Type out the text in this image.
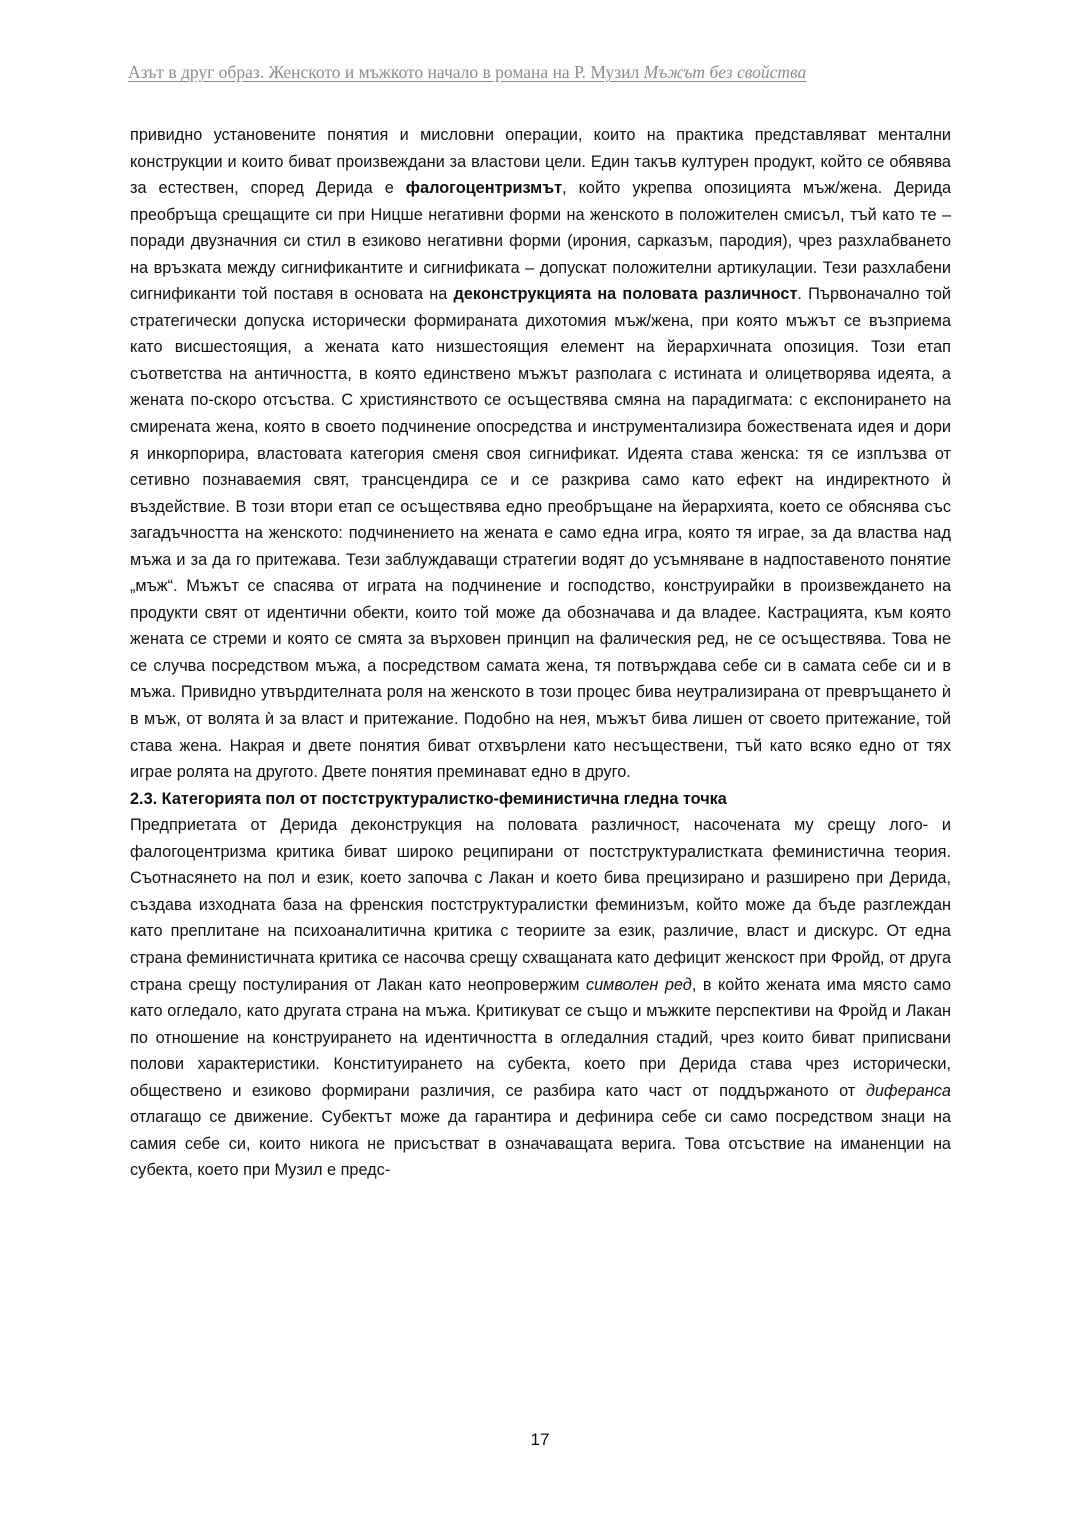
Азът в друг образ. Женското и мъжкото начало в романа на Р. Музил Мъжът без свойства

привидно установените понятия и мисловни операции, които на практика представляват ментални конструкции и които биват произвеждани за властови цели. Един такъв културен продукт, който се обявява за естествен, според Дерида е фалогоцентризмът, който укрепва опозицията мъж/жена. Дерида преобръща срещащите си при Ницше негативни форми на женското в положителен смисъл, тъй като те – поради двузначния си стил в езиково негативни форми (ирония, сарказъм, пародия), чрез разхлабването на връзката между сигнификантите и сигнификата – допускат положителни артикулации. Тези разхлабени сигнификанти той поставя в основата на деконструкцията на половата различност. Първоначално той стратегически допуска исторически формираната дихотомия мъж/жена, при която мъжът се възприема като висшестоящия, а жената като низшестоящия елемент на йерархичната опозиция. Този етап съответства на античността, в която единствено мъжът разполага с истината и олицетворява идеята, а жената по-скоро отсъства. С християнството се осъществява смяна на парадигмата: с експонирането на смирената жена, която в своето подчинение опосредства и инструментализира божествената идея и дори я инкорпорира, властовата категория сменя своя сигнификат. Идеята става женска: тя се изплъзва от сетивно познаваемия свят, трансцендира се и се разкрива само като ефект на индиректното ѝ въздействие. В този втори етап се осъществява едно преобръщане на йерархията, което се обяснява със загадъчността на женското: подчинението на жената е само една игра, която тя играе, за да властва над мъжа и за да го притежава. Тези заблуждаващи стратегии водят до усъмняване в надпоставеното понятие „мъж“. Мъжът се спасява от играта на подчинение и господство, конструирайки в произвеждането на продукти свят от идентични обекти, които той може да обозначава и да владее. Кастрацията, към която жената се стреми и която се смята за върховен принцип на фалическия ред, не се осъществява. Това не се случва посредством мъжа, а посредством самата жена, тя потвърждава себе си в самата себе си и в мъжа. Привидно утвърдителната роля на женското в този процес бива неутрализирана от превръщането ѝ в мъж, от волята ѝ за власт и притежание. Подобно на нея, мъжът бива лишен от своето притежание, той става жена. Накрая и двете понятия биват отхвърлени като несъществени, тъй като всяко едно от тях играе ролята на другото. Двете понятия преминават едно в друго.

2.3. Категорията пол от постструктуралистко-феминистична гледна точка

Предприетата от Дерида деконструкция на половата различност, насочената му срещу лого- и фалогоцентризма критика биват широко реципирани от постструктуралистката феминистична теория. Съотнасянето на пол и език, което започва с Лакан и което бива прецизирано и разширено при Дерида, създава изходната база на френския постструктуралистки феминизъм, който може да бъде разглеждан като преплитане на психоаналитична критика с теориите за език, различие, власт и дискурс. От една страна феминистичната критика се насочва срещу схващаната като дефицит женскост при Фройд, от друга страна срещу постулирания от Лакан като неопровержим символен ред, в който жената има място само като огледало, като другата страна на мъжа. Критикуват се също и мъжките перспективи на Фройд и Лакан по отношение на конструирането на идентичността в огледалния стадий, чрез които биват приписвани полови характеристики. Конституирането на субекта, което при Дерида става чрез исторически, обществено и езиково формирани различия, се разбира като част от поддържаното от диферанса отлагащо се движение. Субектът може да гарантира и дефинира себе си само посредством знаци на самия себе си, които никога не присъстват в означаващата верига. Това отсъствие на иманенции на субекта, което при Музил е предс-

17
